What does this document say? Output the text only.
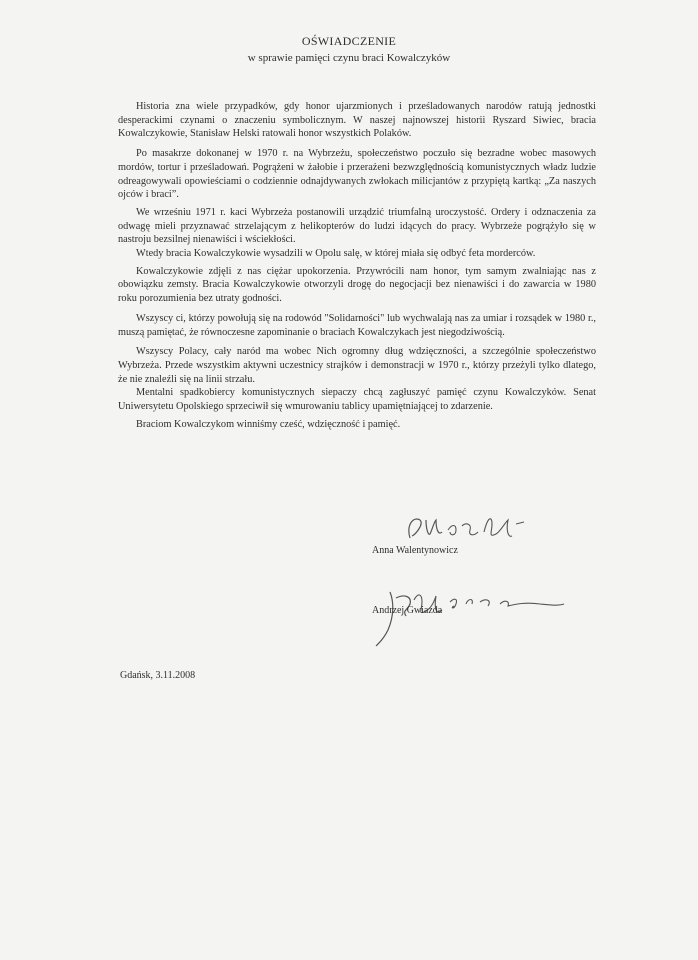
OŚWIADCZENIE
w sprawie pamięci czynu braci Kowalczyków

Historia zna wiele przypadków, gdy honor ujarzmionych i prześladowanych narodów ratują jednostki desperackimi czynami o znaczeniu symbolicznym. W naszej najnowszej historii Ryszard Siwiec, bracia Kowalczykowie, Stanisław Helski ratowali honor wszystkich Polaków.

Po masakrze dokonanej w 1970 r. na Wybrzeżu, społeczeństwo poczuło się bezradne wobec masowych mordów, tortur i prześladowań. Pogrążeni w żałobie i przerażeni bezwzględnością komunistycznych władz ludzie odreagowywali opowieściami o codziennie odnajdywanych zwłokach milicjantów z przypiętą kartką: „Za naszych ojców i braci”.

We wrześniu 1971 r. kaci Wybrzeża postanowili urządzić triumfalną uroczystość. Ordery i odznaczenia za odwagę mieli przyznawać strzelającym z helikopterów do ludzi idących do pracy. Wybrzeże pogrążyło się w nastroju bezsilnej nienawiści i wściekłości.

Wtedy bracia Kowalczykowie wysadzili w Opolu salę, w której miała się odbyć feta morderców.

Kowalczykowie zdjęli z nas ciężar upokorzenia. Przywrócili nam honor, tym samym zwalniając nas z obowiązku zemsty. Bracia Kowalczykowie otworzyli drogę do negocjacji bez nienawiści i do zawarcia w 1980 roku porozumienia bez utraty godności.

Wszyscy ci, którzy powołują się na rodowód "Solidarności" lub wychwalają nas za umiar i rozsądek w 1980 r., muszą pamiętać, że równoczesne zapominanie o braciach Kowalczykach jest niegodziwością.

Wszyscy Polacy, cały naród ma wobec Nich ogromny dług wdzięczności, a szczególnie społeczeństwo Wybrzeża. Przede wszystkim aktywni uczestnicy strajków i demonstracji w 1970 r., którzy przeżyli tylko dlatego, że nie znaleźli się na linii strzału.

Mentalni spadkobiercy komunistycznych siepaczy chcą zagłuszyć pamięć czynu Kowalczyków. Senat Uniwersytetu Opolskiego sprzeciwił się wmurowaniu tablicy upamiętniającej to zdarzenie.

Braciom Kowalczykom winniśmy cześć, wdzięczność i pamięć.

Anna Walentynowicz
Andrzej Gwiazda
Gdańsk, 3.11.2008
